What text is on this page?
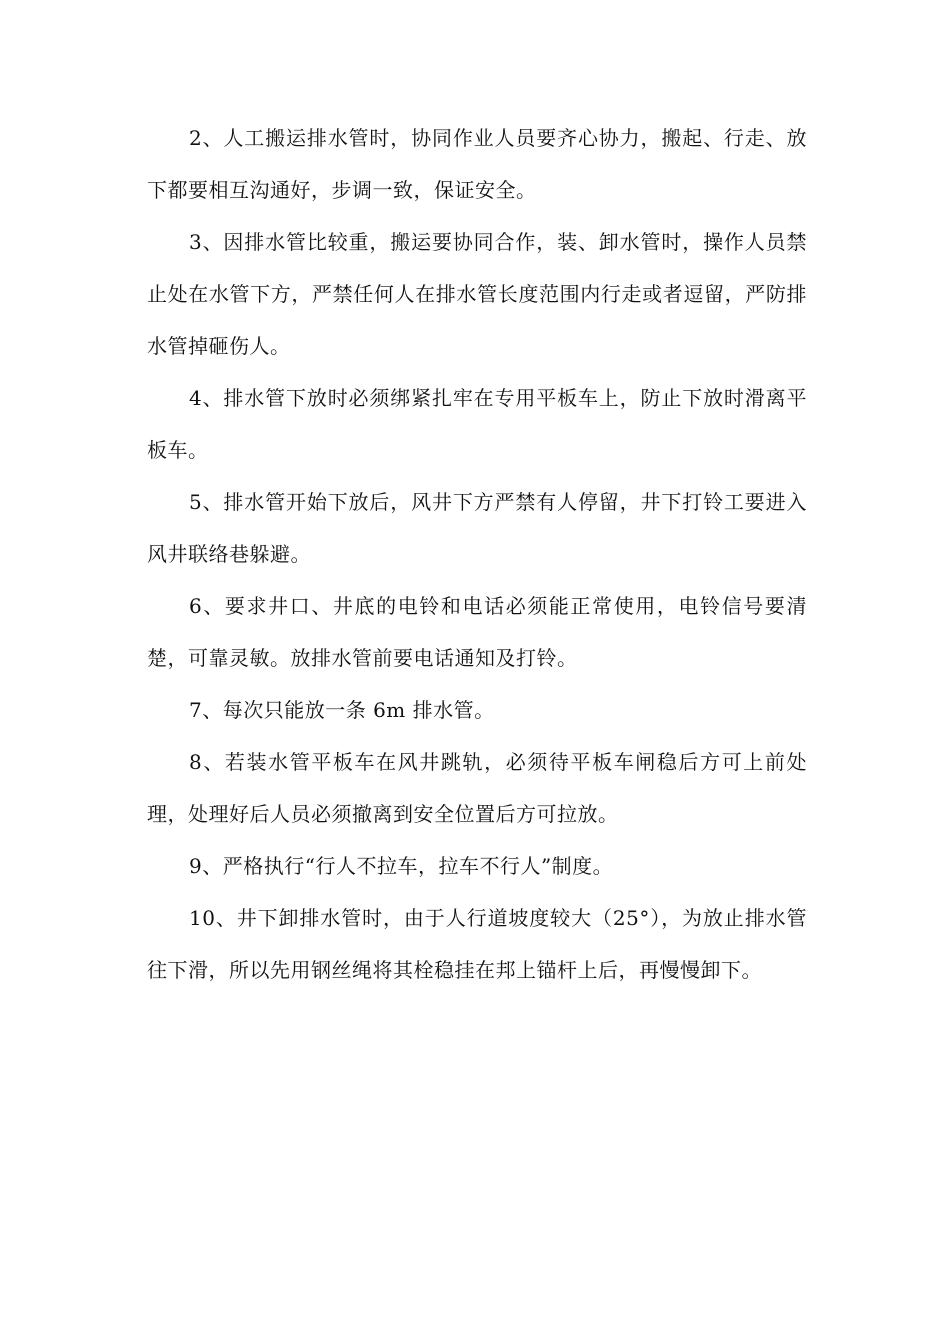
2、人工搬运排水管时，协同作业人员要齐心协力，搬起、行走、放下都要相互沟通好，步调一致，保证安全。

3、因排水管比较重，搬运要协同合作，装、卸水管时，操作人员禁止处在水管下方，严禁任何人在排水管长度范围内行走或者逗留，严防排水管掉砸伤人。

4、排水管下放时必须绑紧扎牢在专用平板车上，防止下放时滑离平板车。

5、排水管开始下放后，风井下方严禁有人停留，井下打铃工要进入风井联络巷躲避。

6、要求井口、井底的电铃和电话必须能正常使用，电铃信号要清楚，可靠灵敏。放排水管前要电话通知及打铃。

7、每次只能放一条 6m 排水管。

8、若装水管平板车在风井跳轨，必须待平板车闸稳后方可上前处理，处理好后人员必须撤离到安全位置后方可拉放。

9、严格执行“行人不拉车，拉车不行人”制度。

10、井下卸排水管时，由于人行道坡度较大（25°），为放止排水管往下滑，所以先用钢丝绳将其栓稳挂在邦上锚杆上后，再慢慢卸下。
